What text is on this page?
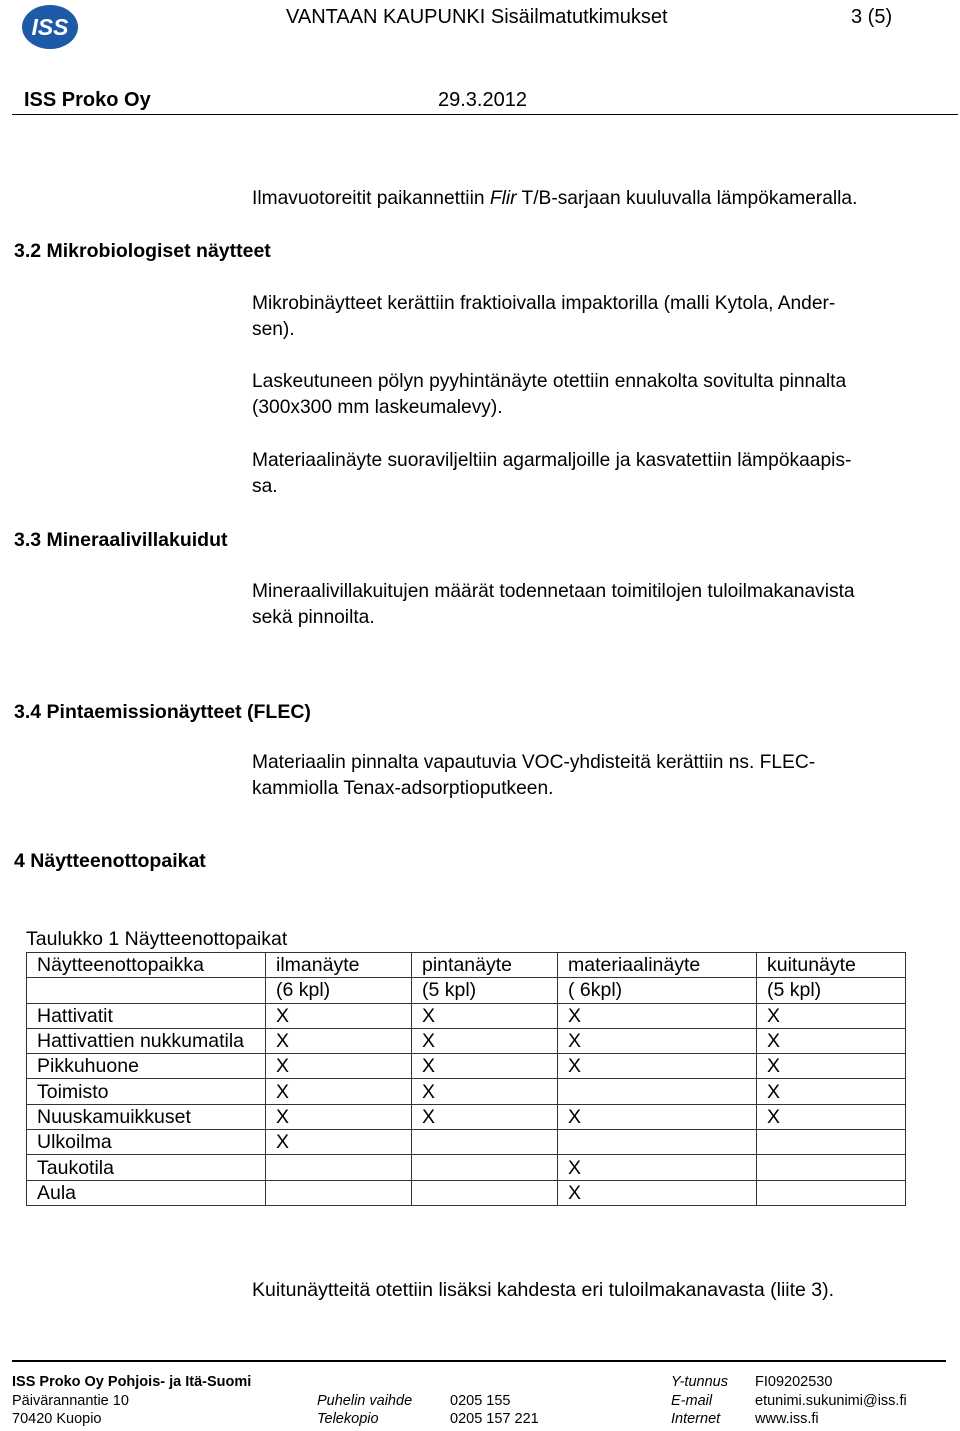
ISS	VANTAAN KAUPUNKI Sisäilmatutkimukset	3 (5)
ISS Proko Oy	29.3.2012

Ilmavuotoreitit paikannettiin Flir T/B-sarjaan kuuluvalla lämpökameralla.

3.2 Mikrobiologiset näytteet

Mikrobinäytteet kerättiin fraktioivalla impaktorilla (malli Kytola, Ander-
sen).

Laskeutuneen pölyn pyyhintänäyte otettiin ennakolta sovitulta pinnalta
(300x300 mm laskeumalevy).

Materiaalinäyte suoraviljeltiin agarmaljoille ja kasvatettiin lämpökaapis-
sa.

3.3 Mineraalivillakuidut

Mineraalivillakuitujen määrät todennetaan toimitilojen tuloilmakanavista
sekä pinnoilta.

3.4 Pintaemissionäytteet (FLEC)

Materiaalin pinnalta vapautuvia VOC-yhdisteitä kerättiin ns. FLEC-
kammiolla Tenax-adsorptioputkeen.

4 Näytteenottopaikat
Taulukko 1 Näytteenottopaikat
Näytteenottopaikka	ilmanäyte	pintanäyte	materiaalinäyte	kuitunäyte
	(6 kpl)	(5 kpl)	( 6kpl)	(5 kpl)
Hattivatit	X	X	X	X
Hattivattien nukkumatila	X	X	X	X
Pikkuhuone	X	X	X	X
Toimisto	X	X		X
Nuuskamuikkuset	X	X	X	X
Ulkoilma	X			
Taukotila			X	
Aula			X	

Kuitunäytteitä otettiin lisäksi kahdesta eri tuloilmakanavasta (liite 3).

ISS Proko Oy Pohjois- ja Itä-Suomi
Päivärannantie 10
70420 Kuopio
Puhelin vaihde	0205 155
Telekopio	0205 157 221
Y-tunnus FI09202530
E-mail	etunimi.sukunimi@iss.fi
Internet www.iss.fi
